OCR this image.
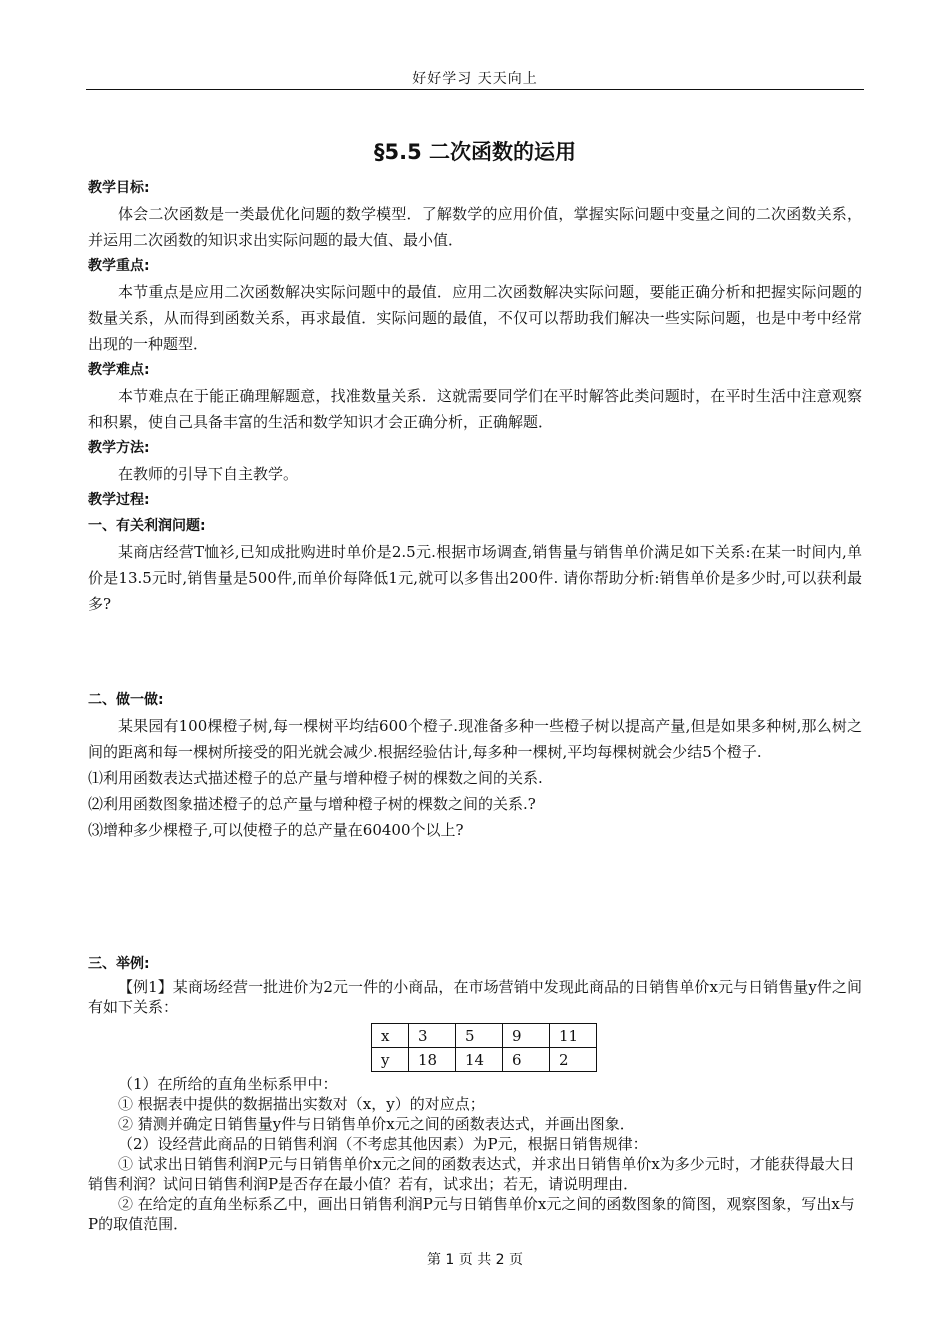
好好学习 天天向上
§5.5 二次函数的运用
教学目标:

体会二次函数是一类最优化问题的数学模型．了解数学的应用价值，掌握实际问题中变量之间的二次函数关系，并运用二次函数的知识求出实际问题的最大值、最小值．

教学重点:

本节重点是应用二次函数解决实际问题中的最值．应用二次函数解决实际问题，要能正确分析和把握实际问题的数量关系，从而得到函数关系，再求最值．实际问题的最值，不仅可以帮助我们解决一些实际问题，也是中考中经常出现的一种题型．

教学难点:

本节难点在于能正确理解题意，找准数量关系．这就需要同学们在平时解答此类问题时，在平时生活中注意观察和积累，使自己具备丰富的生活和数学知识才会正确分析，正确解题．

教学方法:

在教师的引导下自主教学。

教学过程:
一、有关利润问题:

某商店经营T恤衫,已知成批购进时单价是2.5元.根据市场调查,销售量与销售单价满足如下关系:在某一时间内,单价是13.5元时,销售量是500件,而单价每降低1元,就可以多售出200件. 请你帮助分析:销售单价是多少时,可以获利最多?

二、做一做:

某果园有100棵橙子树,每一棵树平均结600个橙子.现准备多种一些橙子树以提高产量,但是如果多种树,那么树之间的距离和每一棵树所接受的阳光就会减少.根据经验估计,每多种一棵树,平均每棵树就会少结5个橙子.

⑴利用函数表达式描述橙子的总产量与增种橙子树的棵数之间的关系.

⑵利用函数图象描述橙子的总产量与增种橙子树的棵数之间的关系.?

⑶增种多少棵橙子,可以使橙子的总产量在60400个以上?

三、举例:

【例1】某商场经营一批进价为2元一件的小商品，在市场营销中发现此商品的日销售单价x元与日销售量y件之间有如下关系：

x	3	5	9	11
y	18	14	6	2

（1）在所给的直角坐标系甲中：

① 根据表中提供的数据描出实数对（x，y）的对应点；

② 猜测并确定日销售量y件与日销售单价x元之间的函数表达式，并画出图象．

（2）设经营此商品的日销售利润（不考虑其他因素）为P元，根据日销售规律：

① 试求出日销售利润P元与日销售单价x元之间的函数表达式，并求出日销售单价x为多少元时，才能获得最大日销售利润？试问日销售利润P是否存在最小值？若有，试求出；若无，请说明理由．

② 在给定的直角坐标系乙中，画出日销售利润P元与日销售单价x元之间的函数图象的简图，观察图象，写出x与P的取值范围．

第 1 页 共 2 页
